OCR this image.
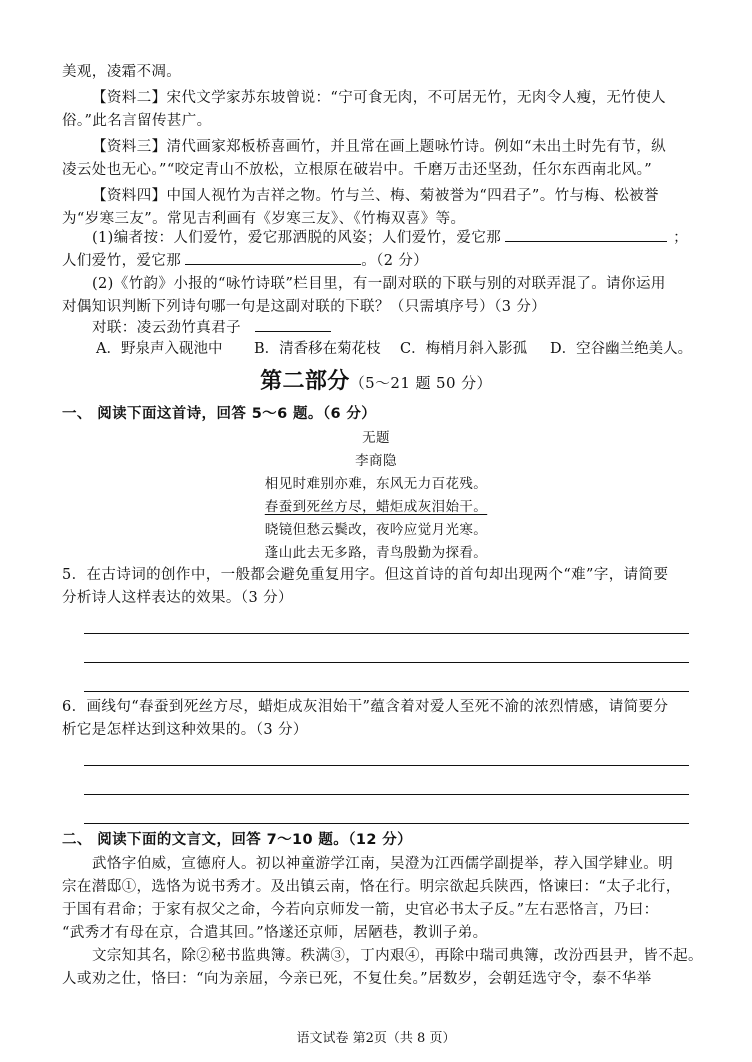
美观，凌霜不凋。
【资料二】宋代文学家苏东坡曾说：“宁可食无肉，不可居无竹，无肉令人瘦，无竹使人
俗。”此名言留传甚广。
【资料三】清代画家郑板桥喜画竹，并且常在画上题咏竹诗。例如“未出土时先有节，纵
凌云处也无心。”“咬定青山不放松，立根原在破岩中。千磨万击还坚劲，任尔东西南北风。”
【资料四】中国人视竹为吉祥之物。竹与兰、梅、菊被誉为“四君子”。竹与梅、松被誉
为“岁寒三友”。常见吉利画有《岁寒三友》、《竹梅双喜》等。
(1)编者按：人们爱竹，爱它那洒脱的风姿；人们爱竹，爱它那	；
人们爱竹，爱它那	。（2 分）
(2)《竹韵》小报的“咏竹诗联”栏目里，有一副对联的下联与别的对联弄混了。请你运用
对偶知识判断下列诗句哪一句是这副对联的下联？（只需填序号）（3 分）
对联：凌云劲竹真君子
A．野泉声入砚池中 B．清香移在菊花枝 C．梅梢月斜入影孤 D．空谷幽兰绝美人。
第二部分（5～21 题 50 分）
一、 阅读下面这首诗，回答 5～6 题。（6 分）
无题
李商隐
相见时难别亦难，东风无力百花残。
春蚕到死丝方尽，蜡炬成灰泪始干。
晓镜但愁云鬓改，夜吟应觉月光寒。
蓬山此去无多路，青鸟殷勤为探看。
5．在古诗词的创作中，一般都会避免重复用字。但这首诗的首句却出现两个“难”字，请简要
分析诗人这样表达的效果。（3 分）
6．画线句“春蚕到死丝方尽，蜡炬成灰泪始干”蕴含着对爱人至死不渝的浓烈情感，请简要分
析它是怎样达到这种效果的。（3 分）
二、 阅读下面的文言文，回答 7～10 题。（12 分）
武恪字伯威，宣德府人。初以神童游学江南，吴澄为江西儒学副提举，荐入国学肄业。明
宗在潜邸①，选恪为说书秀才。及出镇云南，恪在行。明宗欲起兵陕西，恪谏曰：“太子北行，
于国有君命；于家有叔父之命，今若向京师发一箭，史官必书太子反。”左右恶恪言，乃曰：
“武秀才有母在京，合遣其回。”恪遂还京师，居陋巷，教训子弟。
文宗知其名，除②秘书监典簿。秩满③，丁内艰④，再除中瑞司典簿，改汾西县尹，皆不起。
人或劝之仕，恪曰：“向为亲屈，今亲已死，不复仕矣。”居数岁，会朝廷选守令，泰不华举
语文试卷 第2页（共 8 页）
